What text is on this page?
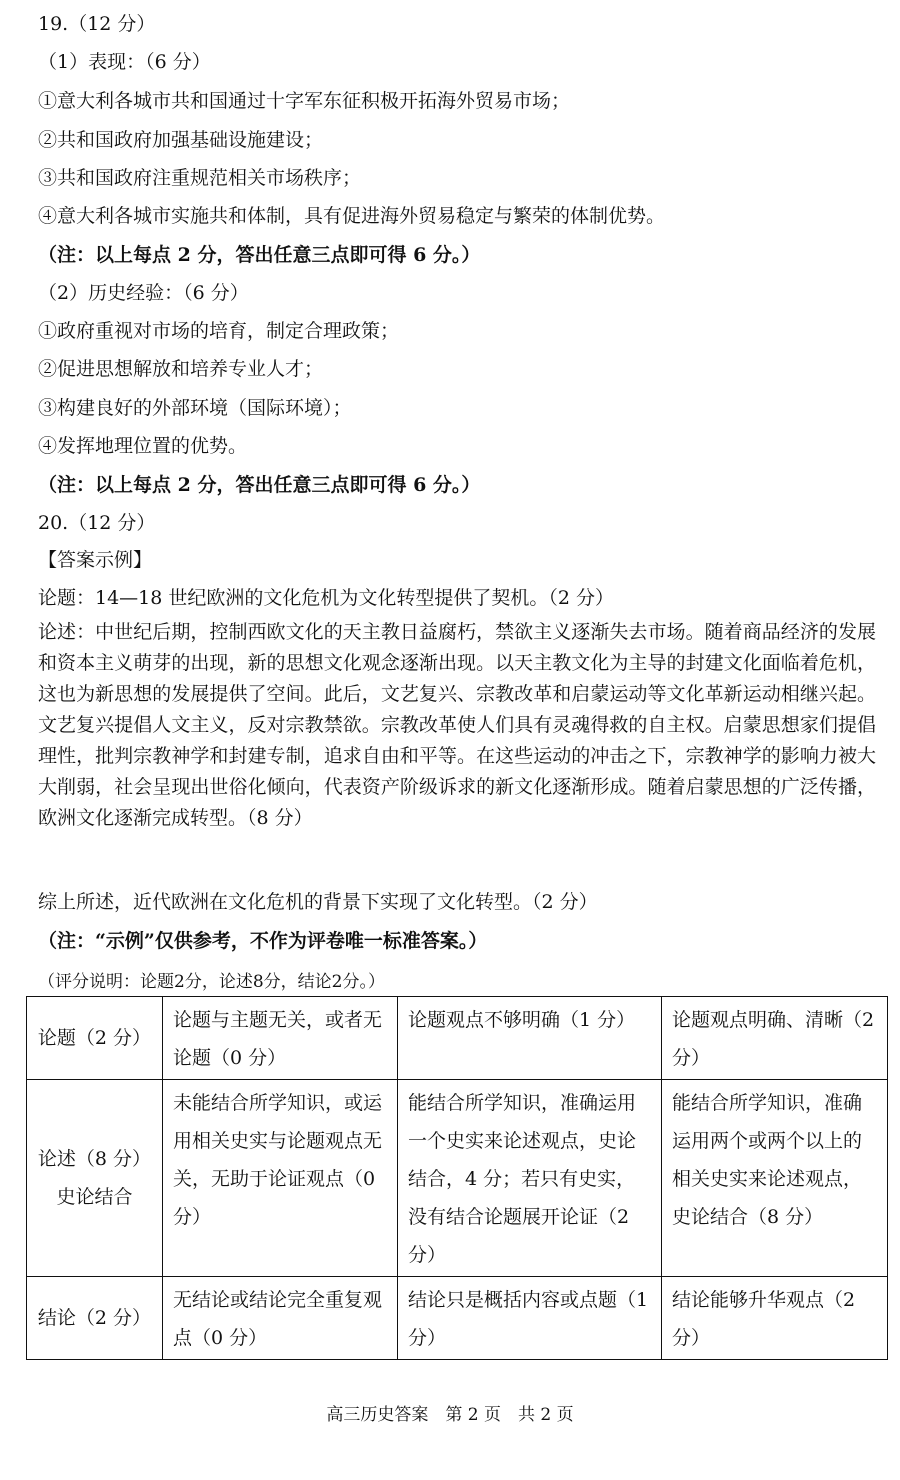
19.（12 分）
（1）表现：（6 分）
①意大利各城市共和国通过十字军东征积极开拓海外贸易市场；
②共和国政府加强基础设施建设；
③共和国政府注重规范相关市场秩序；
④意大利各城市实施共和体制，具有促进海外贸易稳定与繁荣的体制优势。
（注：以上每点 2 分，答出任意三点即可得 6 分。）
（2）历史经验：（6 分）
①政府重视对市场的培育，制定合理政策；
②促进思想解放和培养专业人才；
③构建良好的外部环境（国际环境）；
④发挥地理位置的优势。
（注：以上每点 2 分，答出任意三点即可得 6 分。）
20.（12 分）
【答案示例】
论题：14—18 世纪欧洲的文化危机为文化转型提供了契机。（2 分）
论述：中世纪后期，控制西欧文化的天主教日益腐朽，禁欲主义逐渐失去市场。随着商品经济的发展和资本主义萌芽的出现，新的思想文化观念逐渐出现。以天主教文化为主导的封建文化面临着危机，这也为新思想的发展提供了空间。此后，文艺复兴、宗教改革和启蒙运动等文化革新运动相继兴起。文艺复兴提倡人文主义，反对宗教禁欲。宗教改革使人们具有灵魂得救的自主权。启蒙思想家们提倡理性，批判宗教神学和封建专制，追求自由和平等。在这些运动的冲击之下，宗教神学的影响力被大大削弱，社会呈现出世俗化倾向，代表资产阶级诉求的新文化逐渐形成。随着启蒙思想的广泛传播，欧洲文化逐渐完成转型。（8 分）
综上所述，近代欧洲在文化危机的背景下实现了文化转型。（2 分）
（注：“示例”仅供参考，不作为评卷唯一标准答案。）
（评分说明：论题2分，论述8分，结论2分。）
论题（2 分）	论题与主题无关，或者无论题（0 分）	论题观点不够明确（1 分）	论题观点明确、清晰（2 分）
论述（8 分）史论结合	未能结合所学知识，或运用相关史实与论题观点无关，无助于论证观点（0 分）	能结合所学知识，准确运用一个史实来论述观点，史论结合，4 分；若只有史实，没有结合论题展开论证（2 分）	能结合所学知识，准确运用两个或两个以上的相关史实来论述观点，史论结合（8 分）
结论（2 分）	无结论或结论完全重复观点（0 分）	结论只是概括内容或点题（1 分）	结论能够升华观点（2 分）
高三历史答案　第 2 页　共 2 页
